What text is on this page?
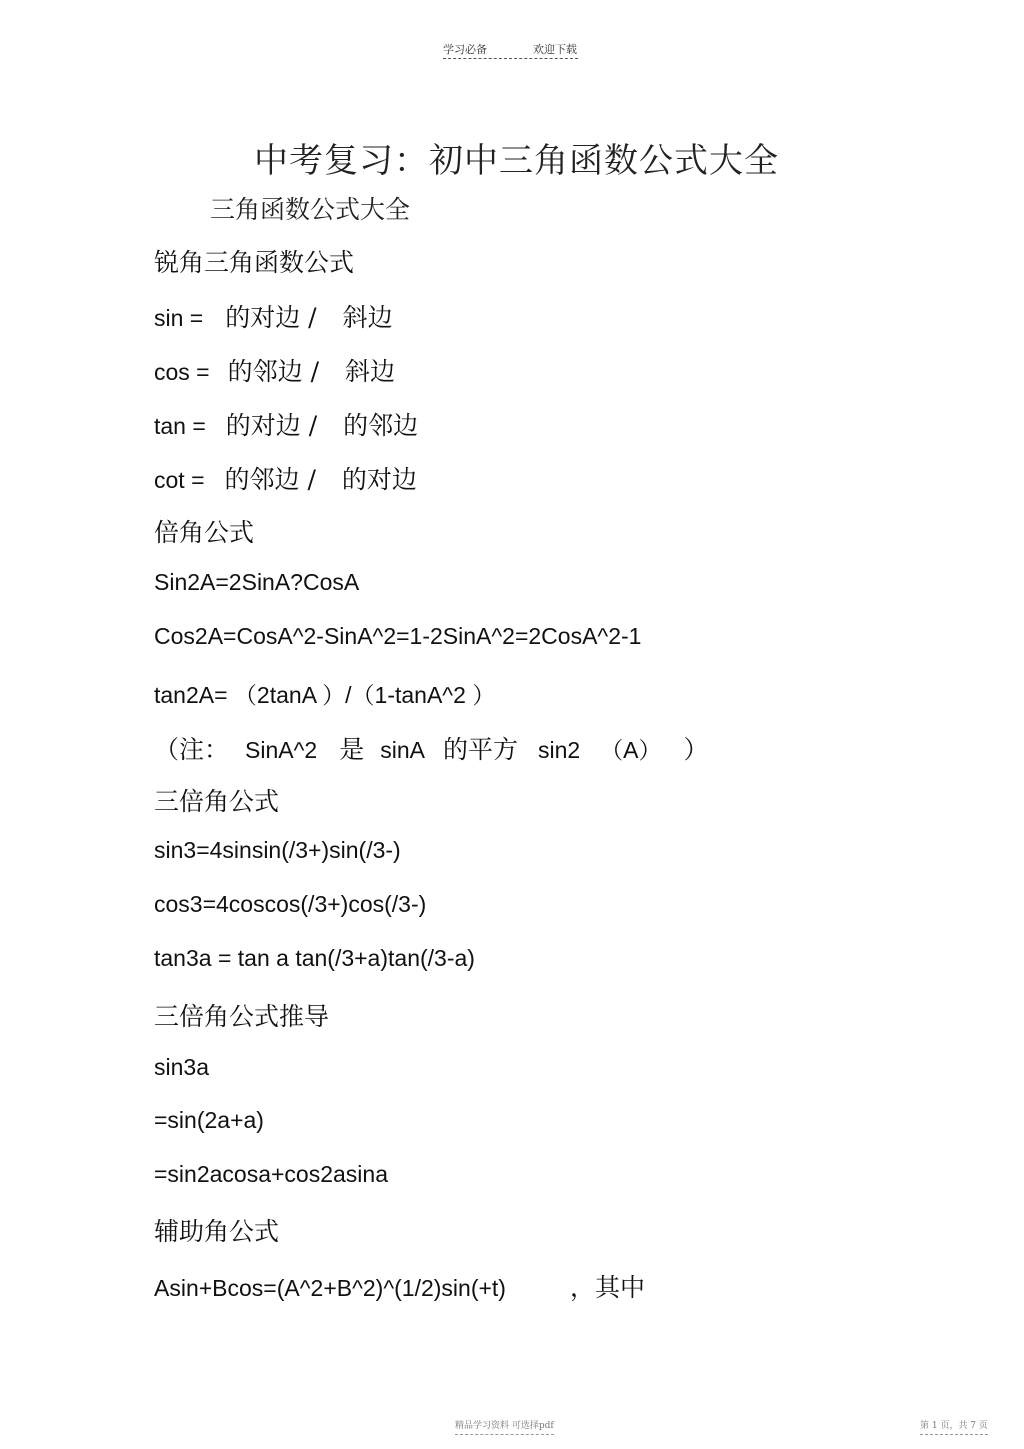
学习必备	欢迎下载
中考复习：初中三角函数公式大全
三角函数公式大全
锐角三角函数公式
sin = 的对边 / 斜边
cos = 的邻边 / 斜边
tan = 的对边 / 的邻边
cot = 的邻边 / 的对边
倍角公式
Sin2A=2SinA?CosA
Cos2A=CosA^2-SinA^2=1-2SinA^2=2CosA^2-1
tan2A= （2tanA ）/（1-tanA^2 ）
（注： SinA^2 是 sinA 的平方 sin2 （A） ）
三倍角公式
sin3=4sinsin(/3+)sin(/3-)
cos3=4coscos(/3+)cos(/3-)
tan3a = tan a tan(/3+a)tan(/3-a)
三倍角公式推导
sin3a
=sin(2a+a)
=sin2acosa+cos2asina
辅助角公式
Asin+Bcos=(A^2+B^2)^(1/2)sin(+t)	，其中
精品学习资料 可选择pdf	第 1 页，共 7 页
